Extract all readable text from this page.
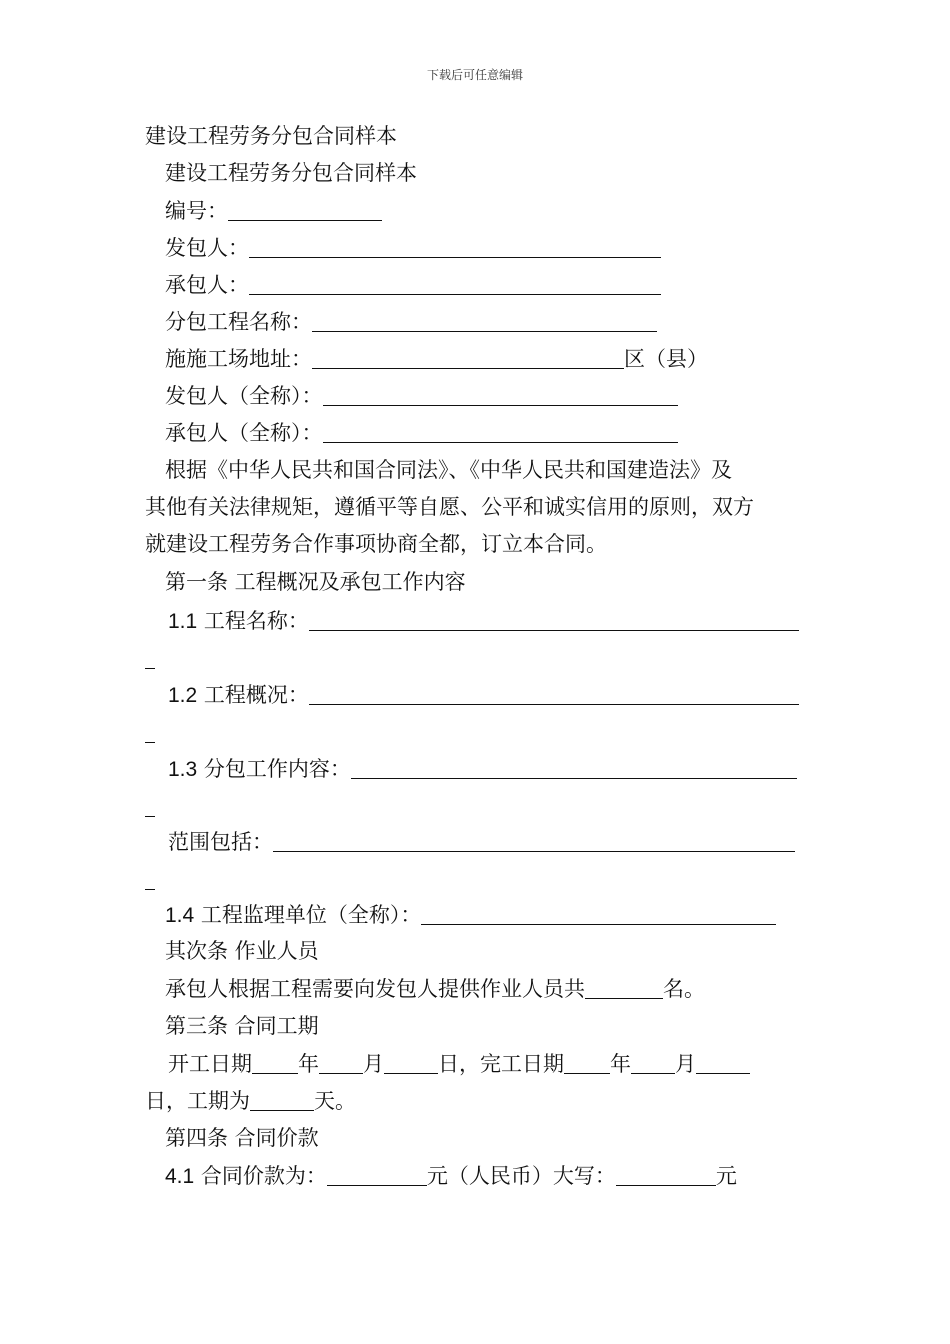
下载后可任意编辑
建设工程劳务分包合同样本
建设工程劳务分包合同样本
编号：
发包人：
承包人：
分包工程名称：
施施工场地址：	区（县）
发包人（全称）：
承包人（全称）：
根据《中华人民共和国合同法》、《中华人民共和国建造法》及
其他有关法律规矩，遵循平等自愿、公平和诚实信用的原则，双方
就建设工程劳务合作事项协商全都，订立本合同。
第一条 工程概况及承包工作内容
1.1 工程名称：
1.2 工程概况：
1.3 分包工作内容：
范围包括：
1.4 工程监理单位（全称）：
其次条 作业人员
承包人根据工程需要向发包人提供作业人员共	名。
第三条 合同工期
开工日期 年 月	日，完工日期 年 月
日，工期为	天。
第四条 合同价款
4.1 合同价款为：	元（人民币）大写：	元
